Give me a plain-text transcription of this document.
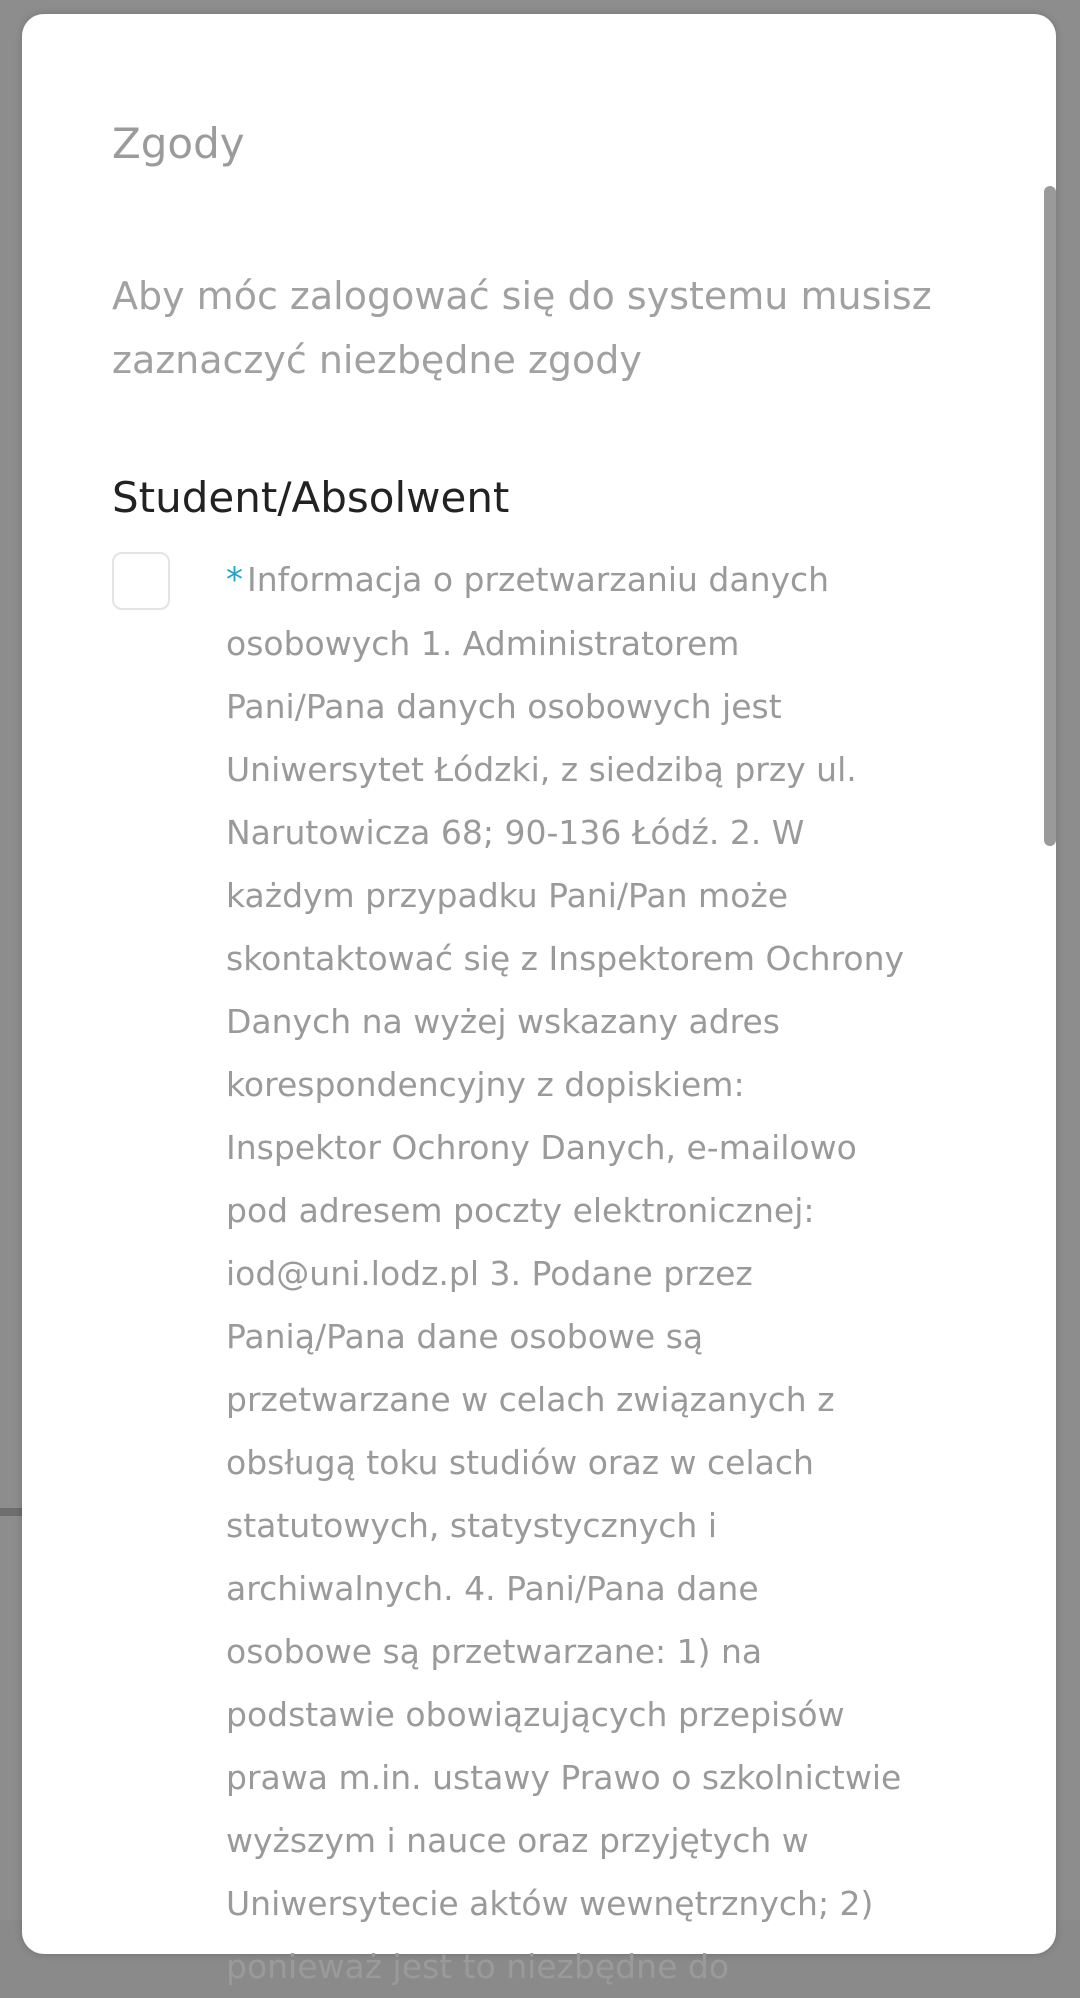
Zgody

Aby móc zalogować się do systemu musisz zaznaczyć niezbędne zgody

Student/Absolwent

* Informacja o przetwarzaniu danych osobowych 1. Administratorem Pani/Pana danych osobowych jest Uniwersytet Łódzki, z siedzibą przy ul. Narutowicza 68; 90-136 Łódź. 2. W każdym przypadku Pani/Pan może skontaktować się z Inspektorem Ochrony Danych na wyżej wskazany adres korespondencyjny z dopiskiem: Inspektor Ochrony Danych, e-mailowo pod adresem poczty elektronicznej: iod@uni.lodz.pl 3. Podane przez Panią/Pana dane osobowe są przetwarzane w celach związanych z obsługą toku studiów oraz w celach statutowych, statystycznych i archiwalnych. 4. Pani/Pana dane osobowe są przetwarzane: 1) na podstawie obowiązujących przepisów prawa m.in. ustawy Prawo o szkolnictwie wyższym i nauce oraz przyjętych w Uniwersytecie aktów wewnętrznych; 2) ponieważ jest to niezbędne do
